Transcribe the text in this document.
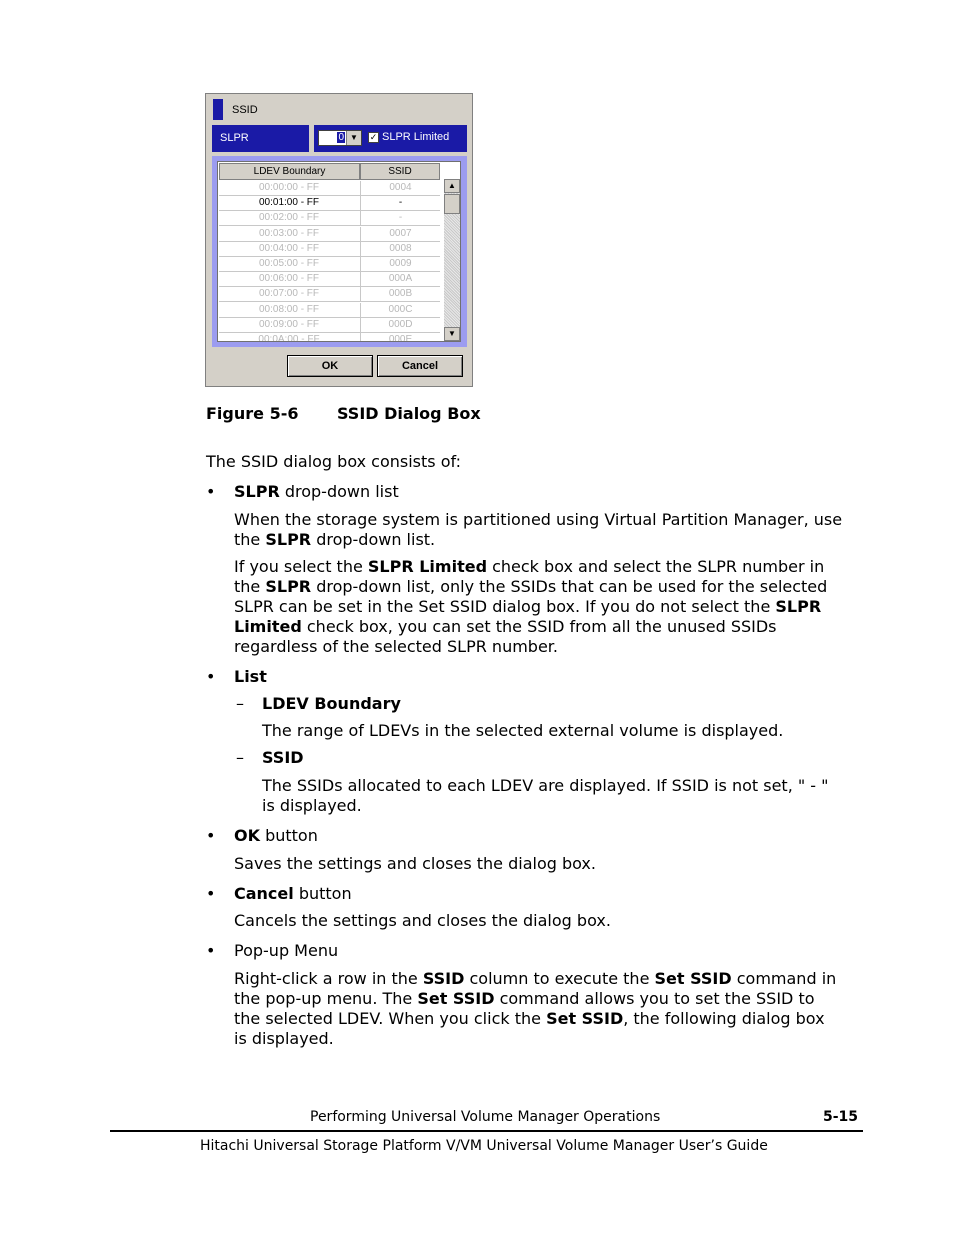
SSID
SLPR	0 ▼	✓ SLPR Limited
LDEV Boundary	SSID
00:00:00 - FF	0004
00:01:00 - FF	-
00:02:00 - FF	-
00:03:00 - FF	0007
00:04:00 - FF	0008
00:05:00 - FF	0009
00:06:00 - FF	000A
00:07:00 - FF	000B
00:08:00 - FF	000C
00:09:00 - FF	000D
00:0A:00 - FF	000E
▲
▼
OK	Cancel
Figure 5-6 SSID Dialog Box
The SSID dialog box consists of:
• SLPR drop-down list
When the storage system is partitioned using Virtual Partition Manager, use
the SLPR drop-down list.
If you select the SLPR Limited check box and select the SLPR number in
the SLPR drop-down list, only the SSIDs that can be used for the selected
SLPR can be set in the Set SSID dialog box. If you do not select the SLPR
Limited check box, you can set the SSID from all the unused SSIDs
regardless of the selected SLPR number.
• List
– LDEV Boundary
The range of LDEVs in the selected external volume is displayed.
– SSID
The SSIDs allocated to each LDEV are displayed. If SSID is not set, " - "
is displayed.
• OK button
Saves the settings and closes the dialog box.
• Cancel button
Cancels the settings and closes the dialog box.
• Pop-up Menu
Right-click a row in the SSID column to execute the Set SSID command in
the pop-up menu. The Set SSID command allows you to set the SSID to
the selected LDEV. When you click the Set SSID, the following dialog box
is displayed.
Performing Universal Volume Manager Operations	5-15
Hitachi Universal Storage Platform V/VM Universal Volume Manager User’s Guide
